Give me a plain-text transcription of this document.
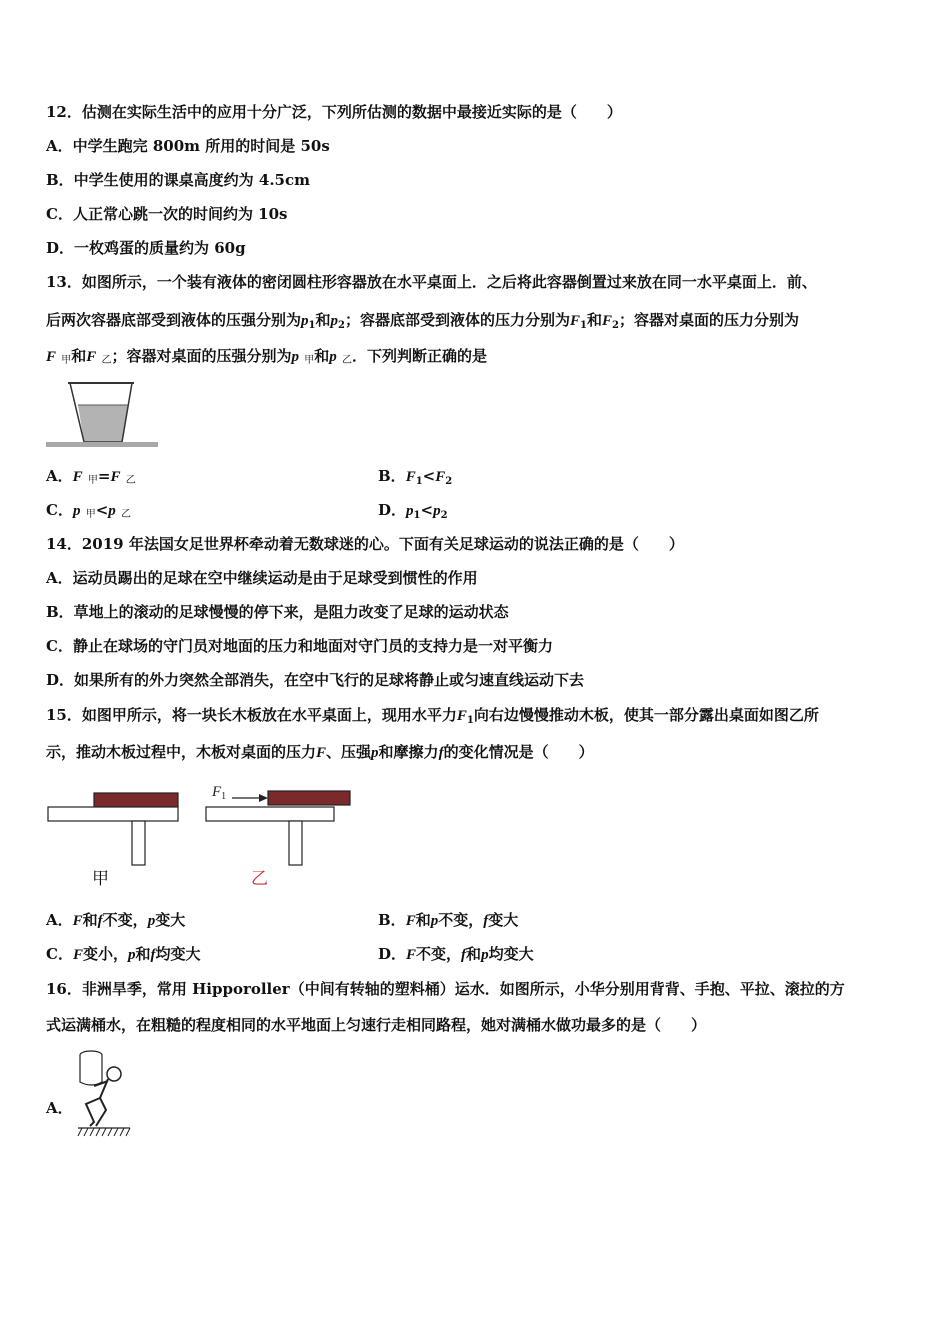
12．估测在实际生活中的应用十分广泛，下列所估测的数据中最接近实际的是（　　）
A．中学生跑完 800m 所用的时间是 50s
B．中学生使用的课桌高度约为 4.5cm
C．人正常心跳一次的时间约为 10s
D．一枚鸡蛋的质量约为 60g
13．如图所示，一个装有液体的密闭圆柱形容器放在水平桌面上．之后将此容器倒置过来放在同一水平桌面上．前、
后两次容器底部受到液体的压强分别为$p_1$和$p_2$；容器底部受到液体的压力分别为$F_1$和$F_2$；容器对桌面的压力分别为
F 甲和F 乙；容器对桌面的压强分别为p 甲和p 乙．下列判断正确的是
A．F 甲=F 乙	B．$F_1<F_2$
C．p 甲<p 乙	D．$p_1<p_2$
14．2019 年法国女足世界杯牵动着无数球迷的心。下面有关足球运动的说法正确的是（　　）
A．运动员踢出的足球在空中继续运动是由于足球受到惯性的作用
B．草地上的滚动的足球慢慢的停下来，是阻力改变了足球的运动状态
C．静止在球场的守门员对地面的压力和地面对守门员的支持力是一对平衡力
D．如果所有的外力突然全部消失，在空中飞行的足球将静止或匀速直线运动下去
15．如图甲所示，将一块长木板放在水平桌面上，现用水平力$F_1$向右边慢慢推动木板，使其一部分露出桌面如图乙所
示，推动木板过程中，木板对桌面的压力F、压强p和摩擦力f的变化情况是（　　）
甲
$F_1$
乙
A．F和f不变，p变大	B．F和p不变，f变大
C．F变小，p和f均变大	D．F不变，f和p均变大
16．非洲旱季，常用 Hipporoller（中间有转轴的塑料桶）运水．如图所示，小华分别用背背、手抱、平拉、滚拉的方
式运满桶水，在粗糙的程度相同的水平地面上匀速行走相同路程，她对满桶水做功最多的是（　　）
A．
